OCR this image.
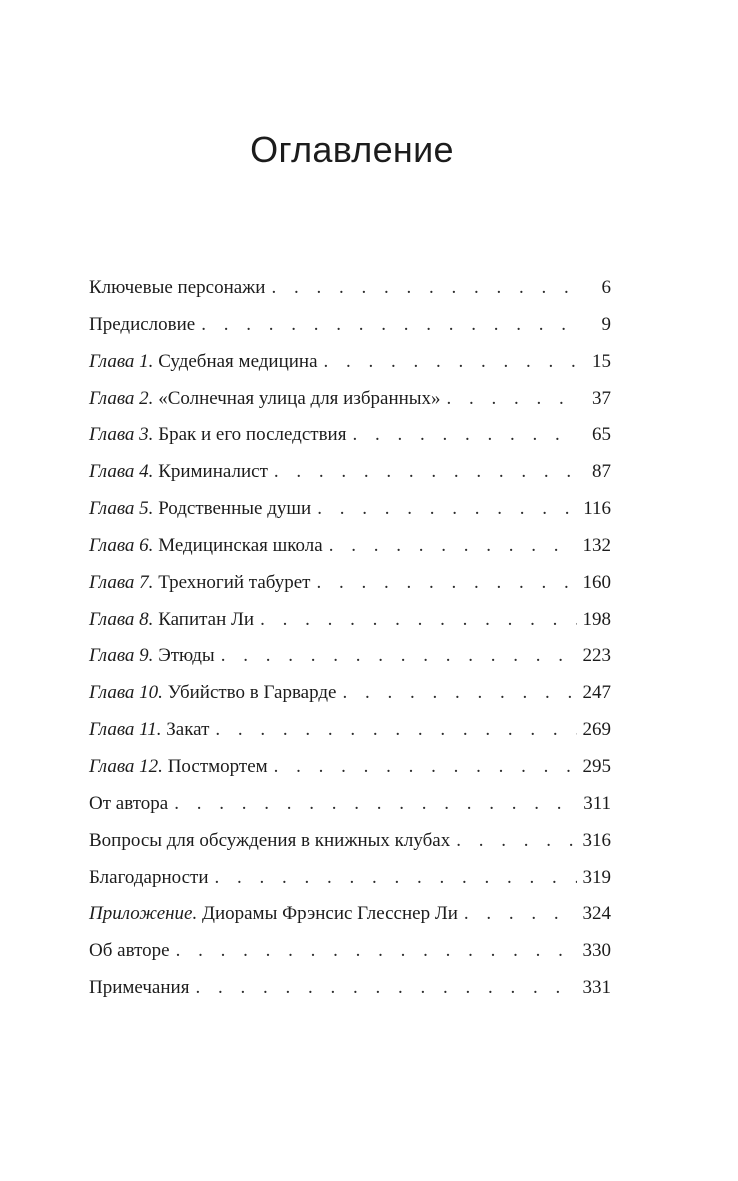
Оглавление
Ключевые персонажи . . .	6
Предисловие . . .	9
Глава 1. Судебная медицина . . .	15
Глава 2. «Солнечная улица для избранных» . . .	37
Глава 3. Брак и его последствия . . .	65
Глава 4. Криминалист . . .	87
Глава 5. Родственные души . . .	116
Глава 6. Медицинская школа . . .	132
Глава 7. Трехногий табурет . . .	160
Глава 8. Капитан Ли . . .	198
Глава 9. Этюды . . .	223
Глава 10. Убийство в Гарварде . . .	247
Глава 11. Закат . . .	269
Глава 12. Постмортем . . .	295
От автора . . .	311
Вопросы для обсуждения в книжных клубах . . .	316
Благодарности . . .	319
Приложение. Диорамы Фрэнсис Глесснер Ли . . .	324
Об авторе . . .	330
Примечания . . .	331
